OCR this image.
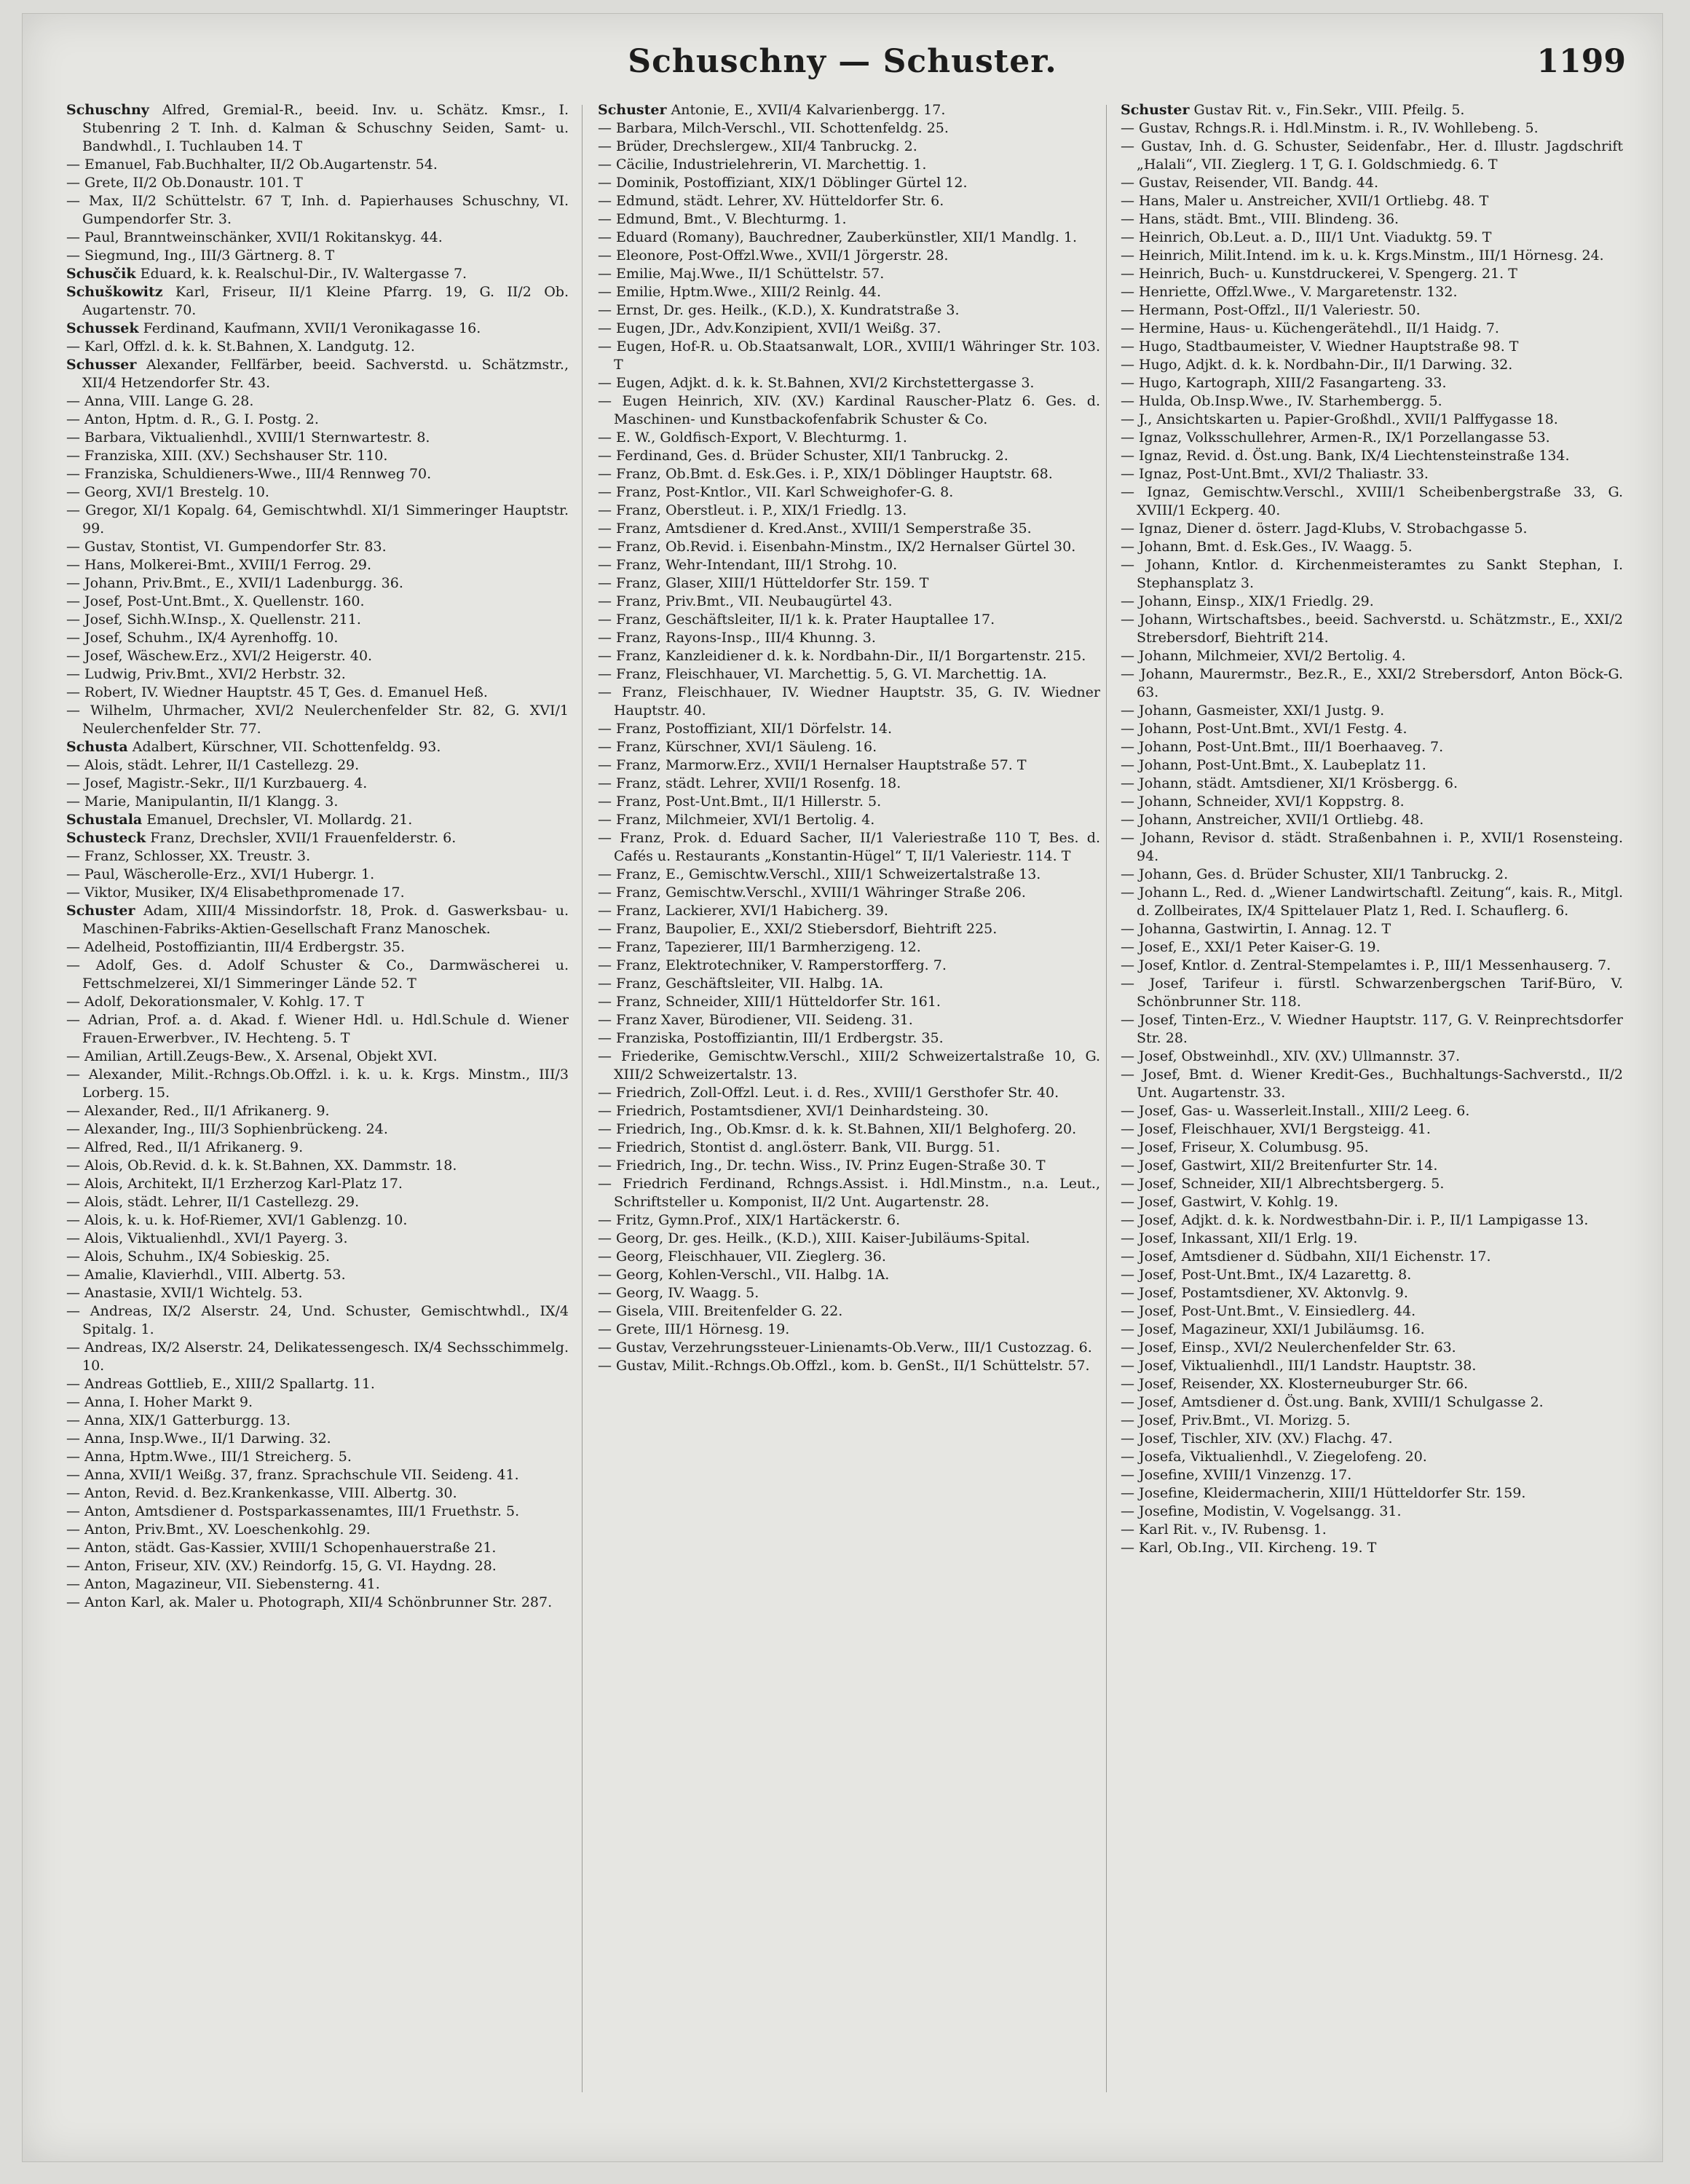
Schuschny — Schuster.	1199

Schuschny Alfred, Gremial-R., beeid. Inv. u. Schätz. Kmsr., I. Stubenring 2 T. Inh. d. Kalman & Schuschny Seiden, Samt- u. Bandwhdl., I. Tuchlauben 14. T

— Emanuel, Fab.Buchhalter, II/2 Ob.Augartenstr. 54.

— Grete, II/2 Ob.Donaustr. 101. T

— Max, II/2 Schüttelstr. 67 T, Inh. d. Papierhauses Schuschny, VI. Gumpendorfer Str. 3.

— Paul, Branntweinschänker, XVII/1 Rokitanskyg. 44.

— Siegmund, Ing., III/3 Gärtnerg. 8. T

Schusčik Eduard, k. k. Realschul-Dir., IV. Waltergasse 7.

Schuškowitz Karl, Friseur, II/1 Kleine Pfarrg. 19, G. II/2 Ob. Augartenstr. 70.

Schussek Ferdinand, Kaufmann, XVII/1 Veronikagasse 16.

— Karl, Offzl. d. k. k. St.Bahnen, X. Landgutg. 12.

Schusser Alexander, Fellfärber, beeid. Sachverstd. u. Schätzmstr., XII/4 Hetzendorfer Str. 43.

— Anna, VIII. Lange G. 28.

— Anton, Hptm. d. R., G. I. Postg. 2.

— Barbara, Viktualienhdl., XVIII/1 Sternwartestr. 8.

— Franziska, XIII. (XV.) Sechshauser Str. 110.

— Franziska, Schuldieners-Wwe., III/4 Rennweg 70.

— Georg, XVI/1 Brestelg. 10.

— Gregor, XI/1 Kopalg. 64, Gemischtwhdl. XI/1 Simmeringer Hauptstr. 99.

— Gustav, Stontist, VI. Gumpendorfer Str. 83.

— Hans, Molkerei-Bmt., XVIII/1 Ferrog. 29.

— Johann, Priv.Bmt., E., XVII/1 Ladenburgg. 36.

— Josef, Post-Unt.Bmt., X. Quellenstr. 160.

— Josef, Sichh.W.Insp., X. Quellenstr. 211.

— Josef, Schuhm., IX/4 Ayrenhoffg. 10.

— Josef, Wäschew.Erz., XVI/2 Heigerstr. 40.

— Ludwig, Priv.Bmt., XVI/2 Herbstr. 32.

— Robert, IV. Wiedner Hauptstr. 45 T, Ges. d. Emanuel Heß.

— Wilhelm, Uhrmacher, XVI/2 Neulerchenfelder Str. 82, G. XVI/1 Neulerchenfelder Str. 77.

Schusta Adalbert, Kürschner, VII. Schottenfeldg. 93.

— Alois, städt. Lehrer, II/1 Castellezg. 29.

— Josef, Magistr.-Sekr., II/1 Kurzbauerg. 4.

— Marie, Manipulantin, II/1 Klangg. 3.

Schustala Emanuel, Drechsler, VI. Mollardg. 21.

Schusteck Franz, Drechsler, XVII/1 Frauenfelderstr. 6.

— Franz, Schlosser, XX. Treustr. 3.

— Paul, Wäscherolle-Erz., XVI/1 Hubergr. 1.

— Viktor, Musiker, IX/4 Elisabethpromenade 17.

Schuster Adam, XIII/4 Missindorfstr. 18, Prok. d. Gaswerksbau- u. Maschinen-Fabriks-Aktien-Gesellschaft Franz Manoschek.

— Adelheid, Postoffiziantin, III/4 Erdbergstr. 35.

— Adolf, Ges. d. Adolf Schuster & Co., Darmwäscherei u. Fettschmelzerei, XI/1 Simmeringer Lände 52. T

— Adolf, Dekorationsmaler, V. Kohlg. 17. T

— Adrian, Prof. a. d. Akad. f. Wiener Hdl. u. Hdl.Schule d. Wiener Frauen-Erwerbver., IV. Hechteng. 5. T

— Amilian, Artill.Zeugs-Bew., X. Arsenal, Objekt XVI.

— Alexander, Milit.-Rchngs.Ob.Offzl. i. k. u. k. Krgs. Minstm., III/3 Lorberg. 15.

— Alexander, Red., II/1 Afrikanerg. 9.

— Alexander, Ing., III/3 Sophienbrückeng. 24.

— Alfred, Red., II/1 Afrikanerg. 9.

— Alois, Ob.Revid. d. k. k. St.Bahnen, XX. Dammstr. 18.

— Alois, Architekt, II/1 Erzherzog Karl-Platz 17.

— Alois, städt. Lehrer, II/1 Castellezg. 29.

— Alois, k. u. k. Hof-Riemer, XVI/1 Gablenzg. 10.

— Alois, Viktualienhdl., XVI/1 Payerg. 3.

— Alois, Schuhm., IX/4 Sobieskig. 25.

— Amalie, Klavierhdl., VIII. Albertg. 53.

— Anastasie, XVII/1 Wichtelg. 53.

— Andreas, IX/2 Alserstr. 24, Und. Schuster, Gemischtwhdl., IX/4 Spitalg. 1.

— Andreas, IX/2 Alserstr. 24, Delikatessengesch. IX/4 Sechsschimmelg. 10.

— Andreas Gottlieb, E., XIII/2 Spallartg. 11.

— Anna, I. Hoher Markt 9.

— Anna, XIX/1 Gatterburgg. 13.

— Anna, Insp.Wwe., II/1 Darwing. 32.

— Anna, Hptm.Wwe., III/1 Streicherg. 5.

— Anna, XVII/1 Weißg. 37, franz. Sprachschule VII. Seideng. 41.

— Anton, Revid. d. Bez.Krankenkasse, VIII. Albertg. 30.

— Anton, Amtsdiener d. Postsparkassenamtes, III/1 Fruethstr. 5.

— Anton, Priv.Bmt., XV. Loeschenkohlg. 29.

— Anton, städt. Gas-Kassier, XVIII/1 Schopenhauerstraße 21.

— Anton, Friseur, XIV. (XV.) Reindorfg. 15, G. VI. Haydng. 28.

— Anton, Magazineur, VII. Siebensterng. 41.

— Anton Karl, ak. Maler u. Photograph, XII/4 Schönbrunner Str. 287.

Schuster Antonie, E., XVII/4 Kalvarienbergg. 17.

— Barbara, Milch-Verschl., VII. Schottenfeldg. 25.

— Brüder, Drechslergew., XII/4 Tanbruckg. 2.

— Cäcilie, Industrielehrerin, VI. Marchettig. 1.

— Dominik, Postoffiziant, XIX/1 Döblinger Gürtel 12.

— Edmund, städt. Lehrer, XV. Hütteldorfer Str. 6.

— Edmund, Bmt., V. Blechturmg. 1.

— Eduard (Romany), Bauchredner, Zauberkünstler, XII/1 Mandlg. 1.

— Eleonore, Post-Offzl.Wwe., XVII/1 Jörgerstr. 28.

— Emilie, Maj.Wwe., II/1 Schüttelstr. 57.

— Emilie, Hptm.Wwe., XIII/2 Reinlg. 44.

— Ernst, Dr. ges. Heilk., (K.D.), X. Kundratstraße 3.

— Eugen, JDr., Adv.Konzipient, XVII/1 Weißg. 37.

— Eugen, Hof-R. u. Ob.Staatsanwalt, LOR., XVIII/1 Währinger Str. 103. T

— Eugen, Adjkt. d. k. k. St.Bahnen, XVI/2 Kirchstettergasse 3.

— Eugen Heinrich, XIV. (XV.) Kardinal Rauscher-Platz 6. Ges. d. Maschinen- und Kunstbackofenfabrik Schuster & Co.

— E. W., Goldfisch-Export, V. Blechturmg. 1.

— Ferdinand, Ges. d. Brüder Schuster, XII/1 Tanbruckg. 2.

— Franz, Ob.Bmt. d. Esk.Ges. i. P., XIX/1 Döblinger Hauptstr. 68.

— Franz, Post-Kntlor., VII. Karl Schweighofer-G. 8.

— Franz, Oberstleut. i. P., XIX/1 Friedlg. 13.

— Franz, Amtsdiener d. Kred.Anst., XVIII/1 Semperstraße 35.

— Franz, Ob.Revid. i. Eisenbahn-Minstm., IX/2 Hernalser Gürtel 30.

— Franz, Wehr-Intendant, III/1 Strohg. 10.

— Franz, Glaser, XIII/1 Hütteldorfer Str. 159. T

— Franz, Priv.Bmt., VII. Neubaugürtel 43.

— Franz, Geschäftsleiter, II/1 k. k. Prater Hauptallee 17.

— Franz, Rayons-Insp., III/4 Khunng. 3.

— Franz, Kanzleidiener d. k. k. Nordbahn-Dir., II/1 Borgartenstr. 215.

— Franz, Fleischhauer, VI. Marchettig. 5, G. VI. Marchettig. 1A.

— Franz, Fleischhauer, IV. Wiedner Hauptstr. 35, G. IV. Wiedner Hauptstr. 40.

— Franz, Postoffiziant, XII/1 Dörfelstr. 14.

— Franz, Kürschner, XVI/1 Säuleng. 16.

— Franz, Marmorw.Erz., XVII/1 Hernalser Hauptstraße 57. T

— Franz, städt. Lehrer, XVII/1 Rosenfg. 18.

— Franz, Post-Unt.Bmt., II/1 Hillerstr. 5.

— Franz, Milchmeier, XVI/1 Bertolig. 4.

— Franz, Prok. d. Eduard Sacher, II/1 Valeriestraße 110 T, Bes. d. Cafés u. Restaurants „Konstantin-Hügel“ T, II/1 Valeriestr. 114. T

— Franz, E., Gemischtw.Verschl., XIII/1 Schweizertalstraße 13.

— Franz, Gemischtw.Verschl., XVIII/1 Währinger Straße 206.

— Franz, Lackierer, XVI/1 Habicherg. 39.

— Franz, Baupolier, E., XXI/2 Stiebersdorf, Biehtrift 225.

— Franz, Tapezierer, III/1 Barmherzigeng. 12.

— Franz, Elektrotechniker, V. Ramperstorfferg. 7.

— Franz, Geschäftsleiter, VII. Halbg. 1A.

— Franz, Schneider, XIII/1 Hütteldorfer Str. 161.

— Franz Xaver, Bürodiener, VII. Seideng. 31.

— Franziska, Postoffiziantin, III/1 Erdbergstr. 35.

— Friederike, Gemischtw.Verschl., XIII/2 Schweizertalstraße 10, G. XIII/2 Schweizertalstr. 13.

— Friedrich, Zoll-Offzl. Leut. i. d. Res., XVIII/1 Gersthofer Str. 40.

— Friedrich, Postamtsdiener, XVI/1 Deinhardsteing. 30.

— Friedrich, Ing., Ob.Kmsr. d. k. k. St.Bahnen, XII/1 Belghoferg. 20.

— Friedrich, Stontist d. angl.österr. Bank, VII. Burgg. 51.

— Friedrich, Ing., Dr. techn. Wiss., IV. Prinz Eugen-Straße 30. T

— Friedrich Ferdinand, Rchngs.Assist. i. Hdl.Minstm., n.a. Leut., Schriftsteller u. Komponist, II/2 Unt. Augartenstr. 28.

— Fritz, Gymn.Prof., XIX/1 Hartäckerstr. 6.

— Georg, Dr. ges. Heilk., (K.D.), XIII. Kaiser-Jubiläums-Spital.

— Georg, Fleischhauer, VII. Zieglerg. 36.

— Georg, Kohlen-Verschl., VII. Halbg. 1A.

— Georg, IV. Waagg. 5.

— Gisela, VIII. Breitenfelder G. 22.

— Grete, III/1 Hörnesg. 19.

— Gustav, Verzehrungssteuer-Linienamts-Ob.Verw., III/1 Custozzag. 6.

— Gustav, Milit.-Rchngs.Ob.Offzl., kom. b. GenSt., II/1 Schüttelstr. 57.

Schuster Gustav Rit. v., Fin.Sekr., VIII. Pfeilg. 5.

— Gustav, Rchngs.R. i. Hdl.Minstm. i. R., IV. Wohllebeng. 5.

— Gustav, Inh. d. G. Schuster, Seidenfabr., Her. d. Illustr. Jagdschrift „Halali“, VII. Zieglerg. 1 T, G. I. Goldschmiedg. 6. T

— Gustav, Reisender, VII. Bandg. 44.

— Hans, Maler u. Anstreicher, XVII/1 Ortliebg. 48. T

— Hans, städt. Bmt., VIII. Blindeng. 36.

— Heinrich, Ob.Leut. a. D., III/1 Unt. Viaduktg. 59. T

— Heinrich, Milit.Intend. im k. u. k. Krgs.Minstm., III/1 Hörnesg. 24.

— Heinrich, Buch- u. Kunstdruckerei, V. Spengerg. 21. T

— Henriette, Offzl.Wwe., V. Margaretenstr. 132.

— Hermann, Post-Offzl., II/1 Valeriestr. 50.

— Hermine, Haus- u. Küchengerätehdl., II/1 Haidg. 7.

— Hugo, Stadtbaumeister, V. Wiedner Hauptstraße 98. T

— Hugo, Adjkt. d. k. k. Nordbahn-Dir., II/1 Darwing. 32.

— Hugo, Kartograph, XIII/2 Fasangarteng. 33.

— Hulda, Ob.Insp.Wwe., IV. Starhembergg. 5.

— J., Ansichtskarten u. Papier-Großhdl., XVII/1 Palffygasse 18.

— Ignaz, Volksschullehrer, Armen-R., IX/1 Porzellangasse 53.

— Ignaz, Revid. d. Öst.ung. Bank, IX/4 Liechtensteinstraße 134.

— Ignaz, Post-Unt.Bmt., XVI/2 Thaliastr. 33.

— Ignaz, Gemischtw.Verschl., XVIII/1 Scheibenbergstraße 33, G. XVIII/1 Eckperg. 40.

— Ignaz, Diener d. österr. Jagd-Klubs, V. Strobachgasse 5.

— Johann, Bmt. d. Esk.Ges., IV. Waagg. 5.

— Johann, Kntlor. d. Kirchenmeisteramtes zu Sankt Stephan, I. Stephansplatz 3.

— Johann, Einsp., XIX/1 Friedlg. 29.

— Johann, Wirtschaftsbes., beeid. Sachverstd. u. Schätzmstr., E., XXI/2 Strebersdorf, Biehtrift 214.

— Johann, Milchmeier, XVI/2 Bertolig. 4.

— Johann, Maurermstr., Bez.R., E., XXI/2 Strebersdorf, Anton Böck-G. 63.

— Johann, Gasmeister, XXI/1 Justg. 9.

— Johann, Post-Unt.Bmt., XVI/1 Festg. 4.

— Johann, Post-Unt.Bmt., III/1 Boerhaaveg. 7.

— Johann, Post-Unt.Bmt., X. Laubeplatz 11.

— Johann, städt. Amtsdiener, XI/1 Krösbergg. 6.

— Johann, Schneider, XVI/1 Koppstrg. 8.

— Johann, Anstreicher, XVII/1 Ortliebg. 48.

— Johann, Revisor d. städt. Straßenbahnen i. P., XVII/1 Rosensteing. 94.

— Johann, Ges. d. Brüder Schuster, XII/1 Tanbruckg. 2.

— Johann L., Red. d. „Wiener Landwirtschaftl. Zeitung“, kais. R., Mitgl. d. Zollbeirates, IX/4 Spittelauer Platz 1, Red. I. Schauflerg. 6.

— Johanna, Gastwirtin, I. Annag. 12. T

— Josef, E., XXI/1 Peter Kaiser-G. 19.

— Josef, Kntlor. d. Zentral-Stempelamtes i. P., III/1 Messenhauserg. 7.

— Josef, Tarifeur i. fürstl. Schwarzenbergschen Tarif-Büro, V. Schönbrunner Str. 118.

— Josef, Tinten-Erz., V. Wiedner Hauptstr. 117, G. V. Reinprechtsdorfer Str. 28.

— Josef, Obstweinhdl., XIV. (XV.) Ullmannstr. 37.

— Josef, Bmt. d. Wiener Kredit-Ges., Buchhaltungs-Sachverstd., II/2 Unt. Augartenstr. 33.

— Josef, Gas- u. Wasserleit.Install., XIII/2 Leeg. 6.

— Josef, Fleischhauer, XVI/1 Bergsteigg. 41.

— Josef, Friseur, X. Columbusg. 95.

— Josef, Gastwirt, XII/2 Breitenfurter Str. 14.

— Josef, Schneider, XII/1 Albrechtsbergerg. 5.

— Josef, Gastwirt, V. Kohlg. 19.

— Josef, Adjkt. d. k. k. Nordwestbahn-Dir. i. P., II/1 Lampigasse 13.

— Josef, Inkassant, XII/1 Erlg. 19.

— Josef, Amtsdiener d. Südbahn, XII/1 Eichenstr. 17.

— Josef, Post-Unt.Bmt., IX/4 Lazarettg. 8.

— Josef, Postamtsdiener, XV. Aktonvlg. 9.

— Josef, Post-Unt.Bmt., V. Einsiedlerg. 44.

— Josef, Magazineur, XXI/1 Jubiläumsg. 16.

— Josef, Einsp., XVI/2 Neulerchenfelder Str. 63.

— Josef, Viktualienhdl., III/1 Landstr. Hauptstr. 38.

— Josef, Reisender, XX. Klosterneuburger Str. 66.

— Josef, Amtsdiener d. Öst.ung. Bank, XVIII/1 Schulgasse 2.

— Josef, Priv.Bmt., VI. Morizg. 5.

— Josef, Tischler, XIV. (XV.) Flachg. 47.

— Josefa, Viktualienhdl., V. Ziegelofeng. 20.

— Josefine, XVIII/1 Vinzenzg. 17.

— Josefine, Kleidermacherin, XIII/1 Hütteldorfer Str. 159.

— Josefine, Modistin, V. Vogelsangg. 31.

— Karl Rit. v., IV. Rubensg. 1.

— Karl, Ob.Ing., VII. Kircheng. 19. T
